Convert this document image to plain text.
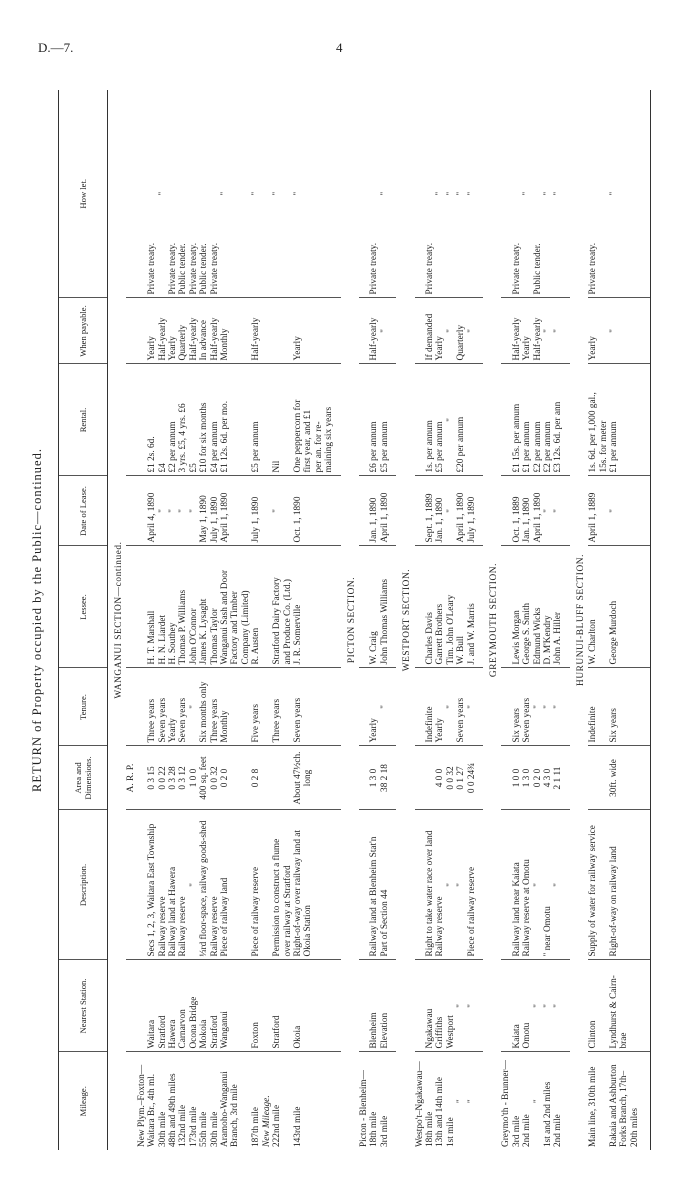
D.—7.	4
RETURN of Property occupied by the Public—continued.
Mileage.	Nearest Station.	Description.	Area and Dimensions.	Tenure.	Lessee.	Date of Lease.	Rental.	When payable.	How let.
WANGANUI SECTION—continued.									
			A. R. P.						
New Plym.–Foxton—									
Waitara Br., 4th ml.	Waitara	Secs 1, 2, 3, Waitara East Township	0 3 15	Three years	H. T. Marshall	April 4, 1890	£1 2s. 6d.	Yearly	Private treaty.
30th mile	Stratford	Railway reserve	0 0 22	Seven years	H. N. Liardet	"	£4	Half-yearly	"
48th and 49th miles	Hawera	Railway land at Hawera	0 3 28	Yearly	H. Southey	"	£2 per annum	Yearly	Private treaty.
132nd mile	Carnarvon	Railway reserve	0 3 12	Seven years	Thomas P. Williams	"	3 yrs. £5, 4 yrs. £6	Quarterly	Public tender.
173rd mile	Ocona Bridge	"	1 0 0	"	John O'Connor	"	£5	Half-yearly	Private treaty.
55th mile	Mokoia	⅓rd floor-space, railway goods-shed	400 sq. feet	Six months only	James K. Lysaght	May 1, 1890	£10 for six months	In advance	Public tender.
30th mile	Stratford	Railway reserve	0 0 32	Three years	Thomas Taylor	July 1, 1890	£4 per annum	Half-yearly	Private treaty.
Aramoho-Wanganui	Wanganui	Piece of railway land	0 2 0	Monthly	Wanganui Sash and Door	April 1, 1890	£1 12s. 6d. per mo.	Monthly	"
Branch, 3rd mile					Factory and Timber				
					Company (Limited)				
187th mile	Foxton	Piece of railway reserve	0 2 8	Five years	R. Austen	July 1, 1890	£5 per annum	Half-yearly	"
New Mileage.									
222nd mile	Stratford	Permission to construct a flume		Three years	Stratford Dairy Factory	"	Nil		"
		over railway at Stratford			and Produce Co. (Ltd.)				
143rd mile	Okoia	Right-of-way over railway land at	About 47½ch.	Seven years	J. R. Somerville	Oct. 1, 1890	One peppercorn for	Yearly	"
		Okoia Station	long				first year, and £1		
							per an. for re-		
							maining six years		

PICTON SECTION.									
Picton - Blenheim—									
18th mile	Blenheim	Railway land at Blenheim Stat'n	1 3 0	Yearly	W. Craig	Jan. 1, 1890	£6 per annum	Half-yearly	Private treaty.
3rd mile	Elevation	Part of Section 44	38 2 18	"	John Thomas Williams	April 1, 1890	£5 per annum	"	"

WESTPORT SECTION.									
Westpo't–Ngakawau—									
18th mile	Ngakawau	Right to take water race over land		Indefinite	Charles Davis	Sept. 1, 1889	1s. per annum	If demanded	Private treaty.
13th and 14th mile	Griffiths	Railway reserve	4 0 0	Yearly	Garrett Brothers	Jan. 1, 1890	£5 per annum	Yearly	"
1st mile	Westport	"	0 0 32	"	Tim. John O'Leary	"	"	"	"
"	"	"	0 1 27	Seven years	W. Bull	April 1, 1890	£20 per annum	Quarterly	"
"	"	Piece of railway reserve	0 0 24¾	"	J. and W. Marris	July 1, 1890		"	"

GREYMOUTH SECTION.									
Greymo'th - Brunner—									
3rd mile	Kaiata	Railway land near Kaiata	1 0 0	Six years	Lewis Morgan	Oct. 1, 1889	£1 15s. per annum	Half-yearly	Private treaty.
2nd mile	Omotu	Railway reserve at Omotu	1 3 0	Seven years	George S. Smith	Jan. 1, 1890	£1 per annum	Yearly	"
"	"	"	0 2 0	"	Edmund Wicks	April 1, 1890	£2 per annum	Half-yearly	Public tender.
1st and 2nd miles	"	" near Omotu	4 3 0	"	D. M'Kendry	"	£2 per annum	"	"
2nd mile	"	"	2 1 11	"	John A. Hiller	"	£3 12s. 6d. per ann	"	"

HURUNUI-BLUFF SECTION.									
Main line, 310th mile	Clinton	Supply of water for railway service		Indefinite	W. Charlton	April 1, 1889	1s. 6d. per 1,000 gal.,	Yearly	Private treaty.
							15s. for meter		
Rakaia and Ashburton	Lyndhurst & Cairn-	Right-of-way on railway land	30ft. wide	Six years	George Murdoch	"	£1 per annum	"	"
Forks Branch, 17th–	brae								
20th miles									
